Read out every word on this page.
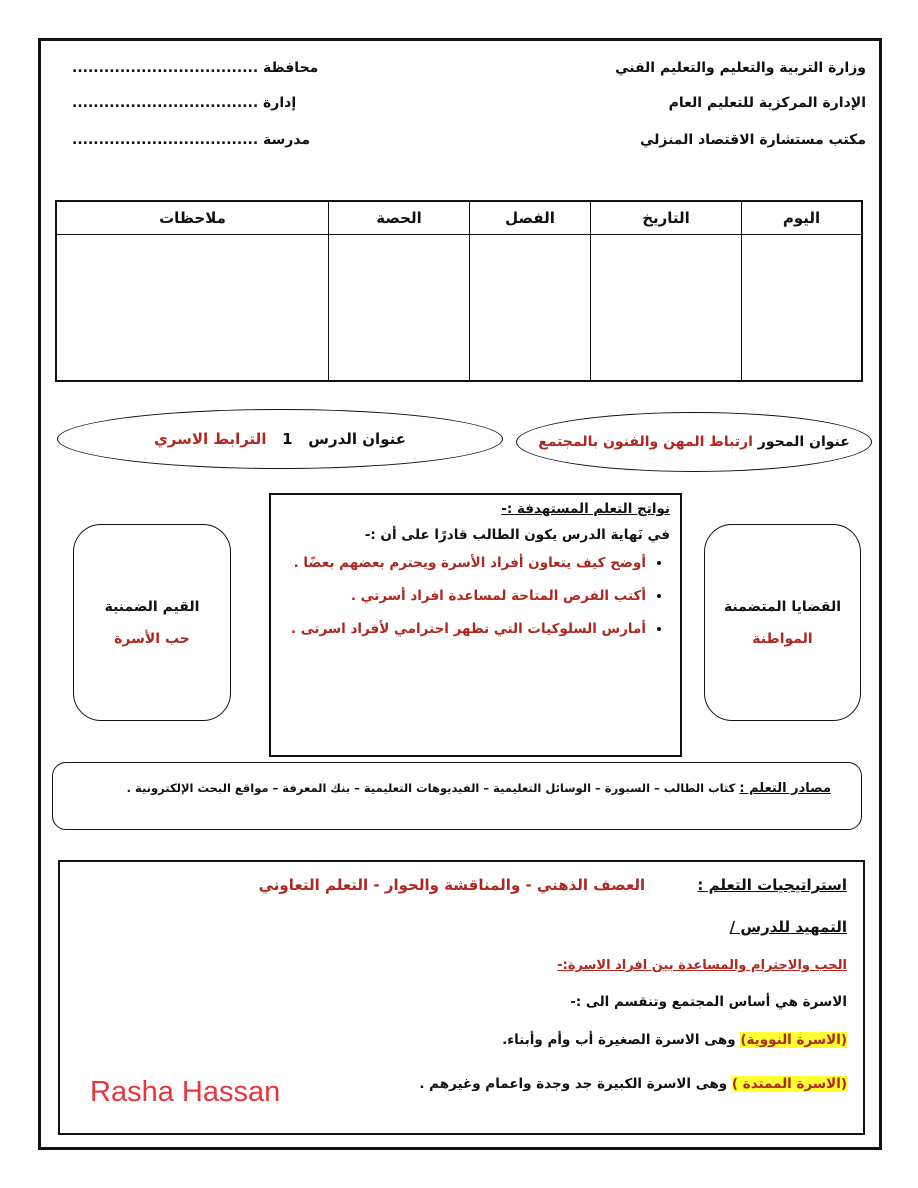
وزارة التربية والتعليم والتعليم الفني
الإدارة المركزية للتعليم العام
مكتب مستشارة الاقتصاد المنزلي
محافظة ...................................
إدارة ...................................
مدرسة ...................................
اليوم	التاريخ	الفصل	الحصة	ملاحظات

عنوان المحور

ارتباط المهن والفنون بالمجتمع
عنوان الدرس

1

الترابط الاسري
القضايا المتضمنة
المواطنة
القيم الضمنية
حب الأسرة
نواتج التعلم المستهدفة :-
في نَهاية الدرس يكون الطالب قادرًا على أن :-
• أوضح كيف يتعاون أفراد الأسرة ويحترم بعضهم بعضًا .
• أكتب الفرص المتاحة لمساعدة افراد أسرتي .
• أمارس السلوكيات التي تظهر احترامي لأفراد اسرتى .
مصادر التعلم : كتاب الطالب – السبورة – الوسائل التعليمية – الفيديوهات التعليمية – بنك المعرفة – مواقع البحث الإلكترونية .
استراتيجيات التعلم :          العصف الذهني - والمناقشة والحوار - التعلم التعاوني
التمهيد للدرس /
الحب والاحترام والمساعدة بين افراد الاسرة:-
الاسرة هي أساس المجتمع وتنقسم الى :-
(الاسرة النووية) وهى الاسرة الصغيرة أب وأم وأبناء.
(الاسرة الممتدة ) وهى الاسرة الكبيرة جد وجدة واعمام وغيرهم .
Rasha Hassan
